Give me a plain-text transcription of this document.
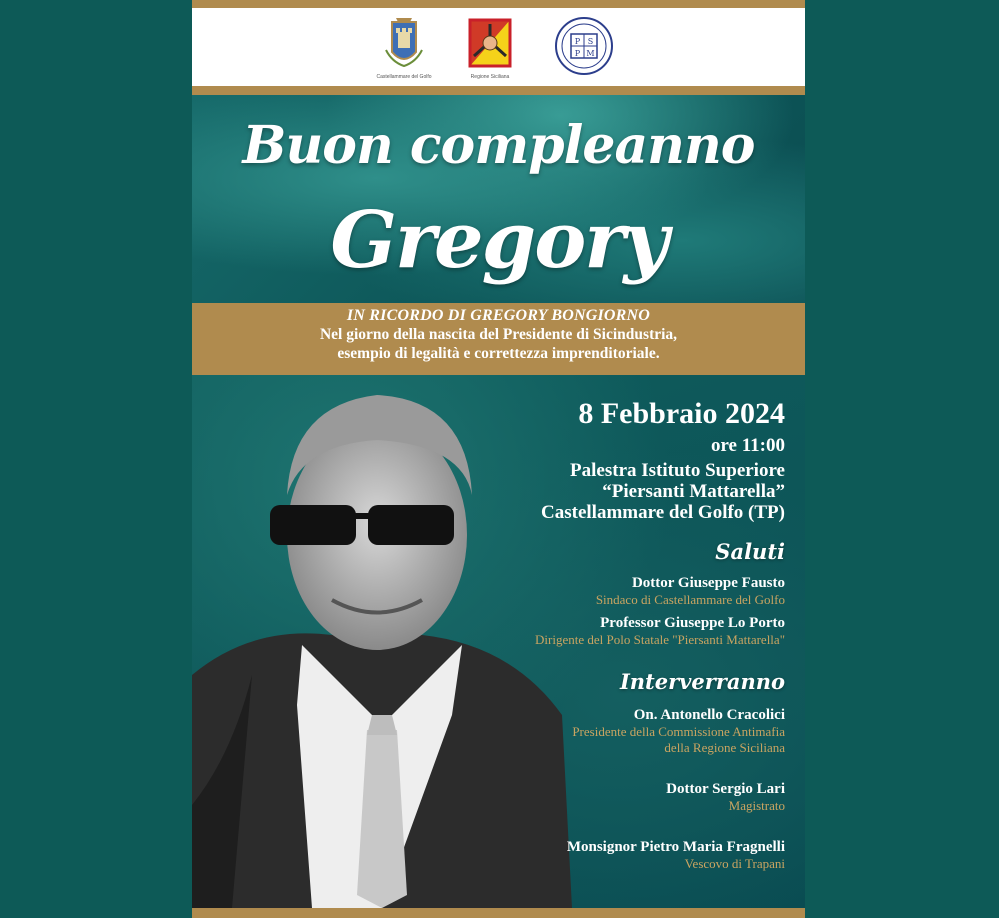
Castellammare del Golfo	Regione Siciliana
P S
P M
Buon compleanno
Gregory
IN RICORDO DI GREGORY BONGIORNO
Nel giorno della nascita del Presidente di Sicindustria,
esempio di legalità e correttezza imprenditoriale.
8 Febbraio 2024
ore 11:00
Palestra Istituto Superiore
“Piersanti Mattarella”
Castellammare del Golfo (TP)
Saluti
Dottor Giuseppe Fausto
Sindaco di Castellammare del Golfo
Professor Giuseppe Lo Porto
Dirigente del Polo Statale "Piersanti Mattarella"
Interverranno
On. Antonello Cracolici
Presidente della Commissione Antimafia
della Regione Siciliana
Dottor Sergio Lari
Magistrato
Monsignor Pietro Maria Fragnelli
Vescovo di Trapani
